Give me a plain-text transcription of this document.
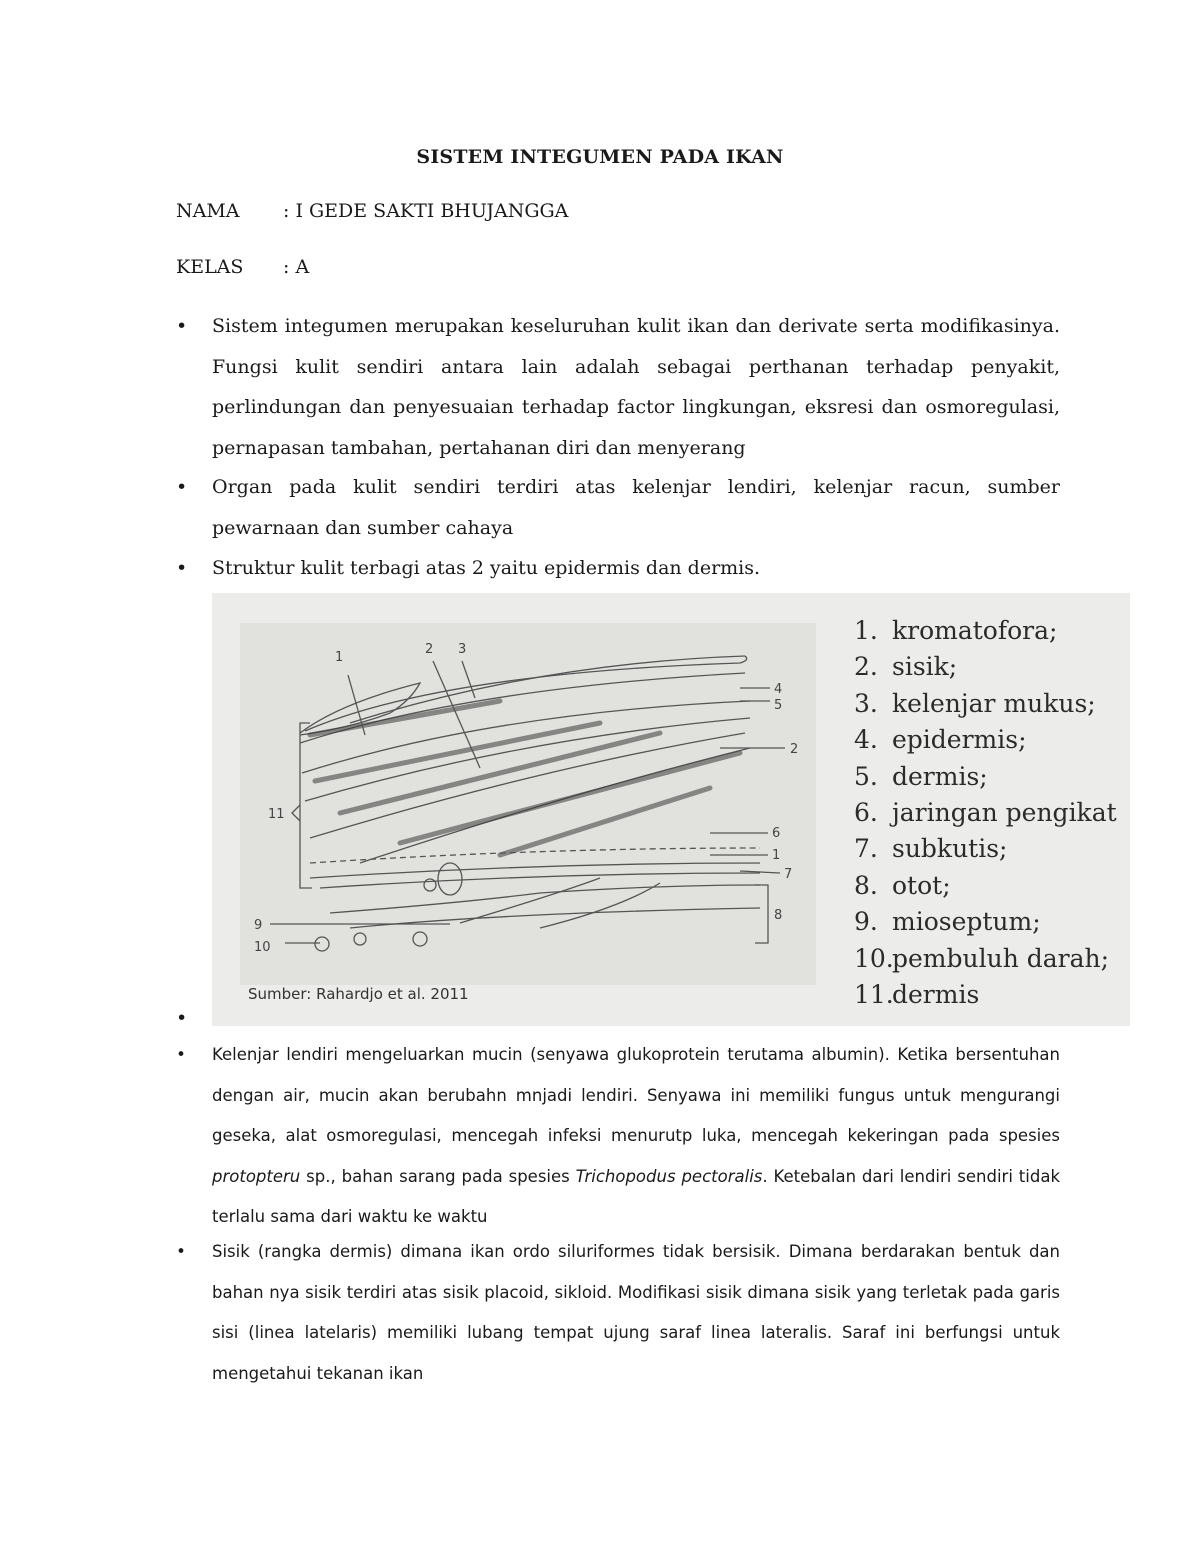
SISTEM INTEGUMEN PADA IKAN
NAMA : I GEDE SAKTI BHUJANGGA
KELAS : A
• Sistem integumen merupakan keseluruhan kulit ikan dan derivate serta modifikasinya. Fungsi kulit sendiri antara lain adalah sebagai perthanan terhadap penyakit, perlindungan dan penyesuaian terhadap factor lingkungan, eksresi dan osmoregulasi, pernapasan tambahan, pertahanan diri dan menyerang
• Organ pada kulit sendiri terdiri atas kelenjar lendiri, kelenjar racun, sumber pewarnaan dan sumber cahaya
• Struktur kulit terbagi atas 2 yaitu epidermis dan dermis.
1
2 3
4
5
2
11
6
1
7
8
9
10
Sumber: Rahardjo et al. 2011
1. kromatofora;
2. sisik;
3. kelenjar mukus;
4. epidermis;
5. dermis;
6. jaringan pengikat
7. subkutis;
8. otot;
9. mioseptum;
10.pembuluh darah;
11.dermis
•
• Kelenjar lendiri mengeluarkan mucin (senyawa glukoprotein terutama albumin). Ketika bersentuhan dengan air, mucin akan berubahn mnjadi lendiri. Senyawa ini memiliki fungus untuk mengurangi geseka, alat osmoregulasi, mencegah infeksi menurutp luka, mencegah kekeringan pada spesies protopteru sp., bahan sarang pada spesies Trichopodus pectoralis. Ketebalan dari lendiri sendiri tidak terlalu sama dari waktu ke waktu
• Sisik (rangka dermis) dimana ikan ordo siluriformes tidak bersisik. Dimana berdarakan bentuk dan bahan nya sisik terdiri atas sisik placoid, sikloid. Modifikasi sisik dimana sisik yang terletak pada garis sisi (linea latelaris) memiliki lubang tempat ujung saraf linea lateralis. Saraf ini berfungsi untuk mengetahui tekanan ikan
